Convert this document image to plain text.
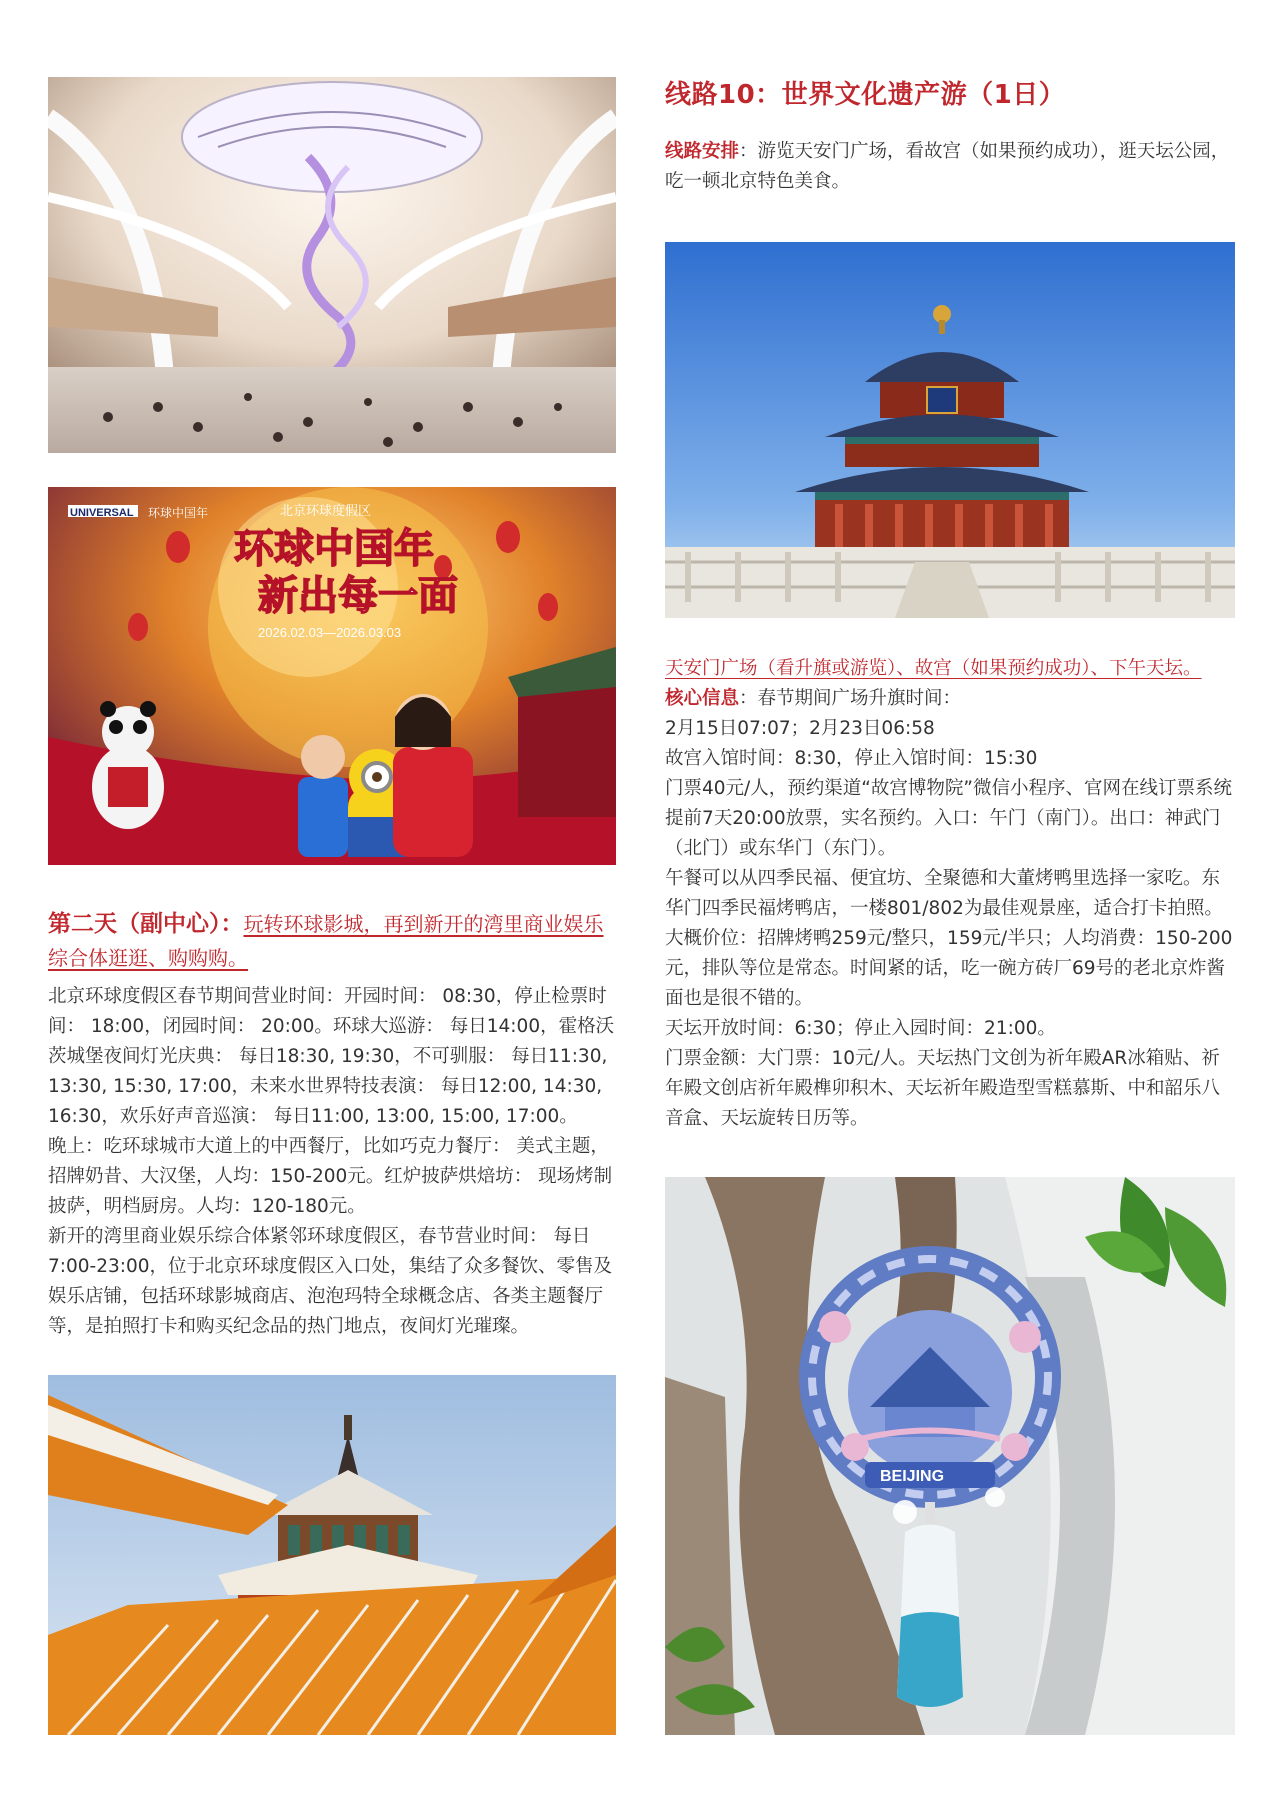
UNIVERSAL 环球中国年	北京环球度假区
环球中国年
新出每一面
2026.02.03—2026.03.03

第二天（副中心）：玩转环球影城，再到新开的湾里商业娱乐综合体逛逛、购购购。

北京环球度假区春节期间营业时间：开园时间： 08:30，停止检票时间： 18:00，闭园时间： 20:00。环球大巡游： 每日14:00，霍格沃茨城堡夜间灯光庆典： 每日18:30, 19:30，不可驯服： 每日11:30, 13:30, 15:30, 17:00，未来水世界特技表演： 每日12:00, 14:30, 16:30，欢乐好声音巡演： 每日11:00, 13:00, 15:00, 17:00。

晚上：吃环球城市大道上的中西餐厅，比如巧克力餐厅： 美式主题，招牌奶昔、大汉堡，人均：150-200元。红炉披萨烘焙坊： 现场烤制披萨，明档厨房。人均：120-180元。

新开的湾里商业娱乐综合体紧邻环球度假区，春节营业时间： 每日7:00-23:00，位于北京环球度假区入口处，集结了众多餐饮、零售及娱乐店铺，包括环球影城商店、泡泡玛特全球概念店、各类主题餐厅等，是拍照打卡和购买纪念品的热门地点，夜间灯光璀璨。

线路10：世界文化遗产游（1日）

线路安排：游览天安门广场，看故宫（如果预约成功），逛天坛公园，吃一顿北京特色美食。

天安门广场（看升旗或游览）、故宫（如果预约成功）、下午天坛。

核心信息：春节期间广场升旗时间：

2月15日07:07；2月23日06:58

故宫入馆时间：8:30，停止入馆时间：15:30

门票40元/人，预约渠道“故宫博物院”微信小程序、官网在线订票系统提前7天20:00放票，实名预约。入口：午门（南门）。出口：神武门（北门）或东华门（东门）。

午餐可以从四季民福、便宜坊、全聚德和大董烤鸭里选择一家吃。东华门四季民福烤鸭店，一楼801/802为最佳观景座，适合打卡拍照。大概价位：招牌烤鸭259元/整只，159元/半只；人均消费：150-200元，排队等位是常态。时间紧的话，吃一碗方砖厂69号的老北京炸酱面也是很不错的。

天坛开放时间：6:30；停止入园时间：21:00。

门票金额：大门票：10元/人。天坛热门文创为祈年殿AR冰箱贴、祈年殿文创店祈年殿榫卯积木、天坛祈年殿造型雪糕慕斯、中和韶乐八音盒、天坛旋转日历等。

BEIJING
